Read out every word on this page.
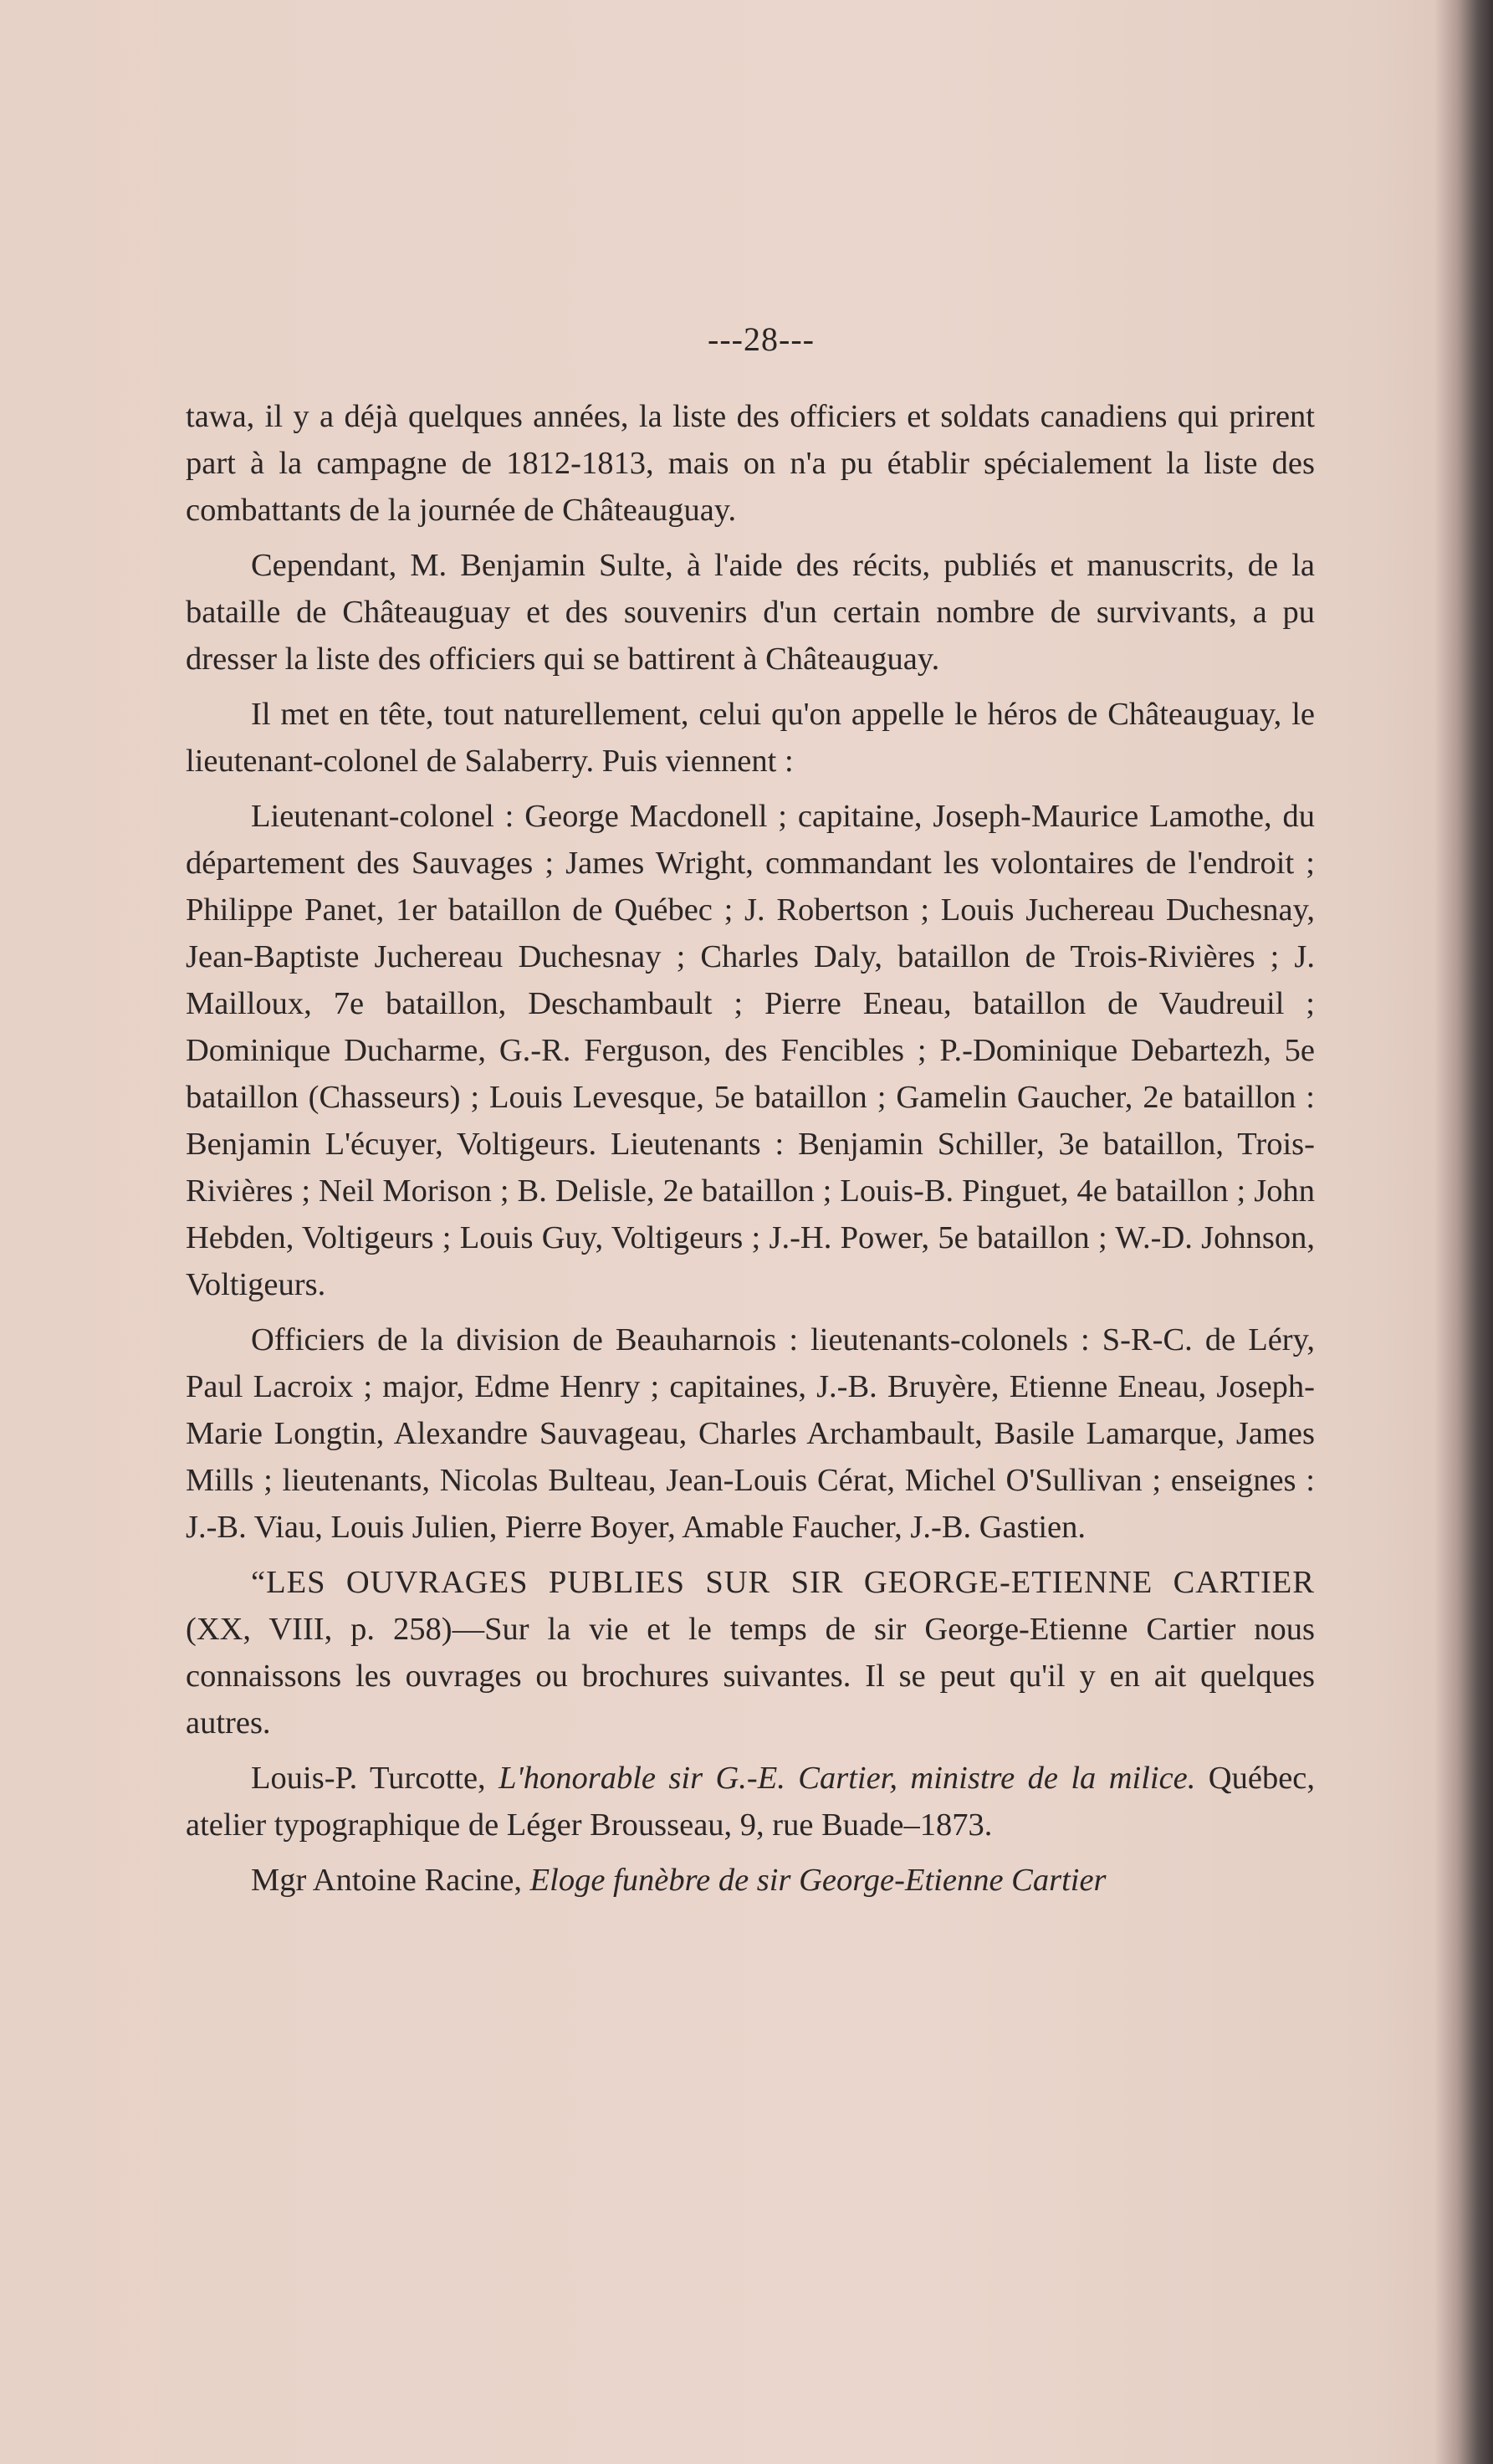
---28---

tawa, il y a déjà quelques années, la liste des officiers et soldats canadiens qui prirent part à la campagne de 1812-1813, mais on n'a pu établir spécialement la liste des combattants de la journée de Châteauguay.

Cependant, M. Benjamin Sulte, à l'aide des récits, publiés et manuscrits, de la bataille de Châteauguay et des souvenirs d'un certain nombre de survivants, a pu dresser la liste des officiers qui se battirent à Châteauguay.

Il met en tête, tout naturellement, celui qu'on appelle le héros de Châteauguay, le lieutenant-colonel de Salaberry. Puis viennent :

Lieutenant-colonel : George Macdonell ; capitaine, Joseph-Maurice Lamothe, du département des Sauvages ; James Wright, commandant les volontaires de l'endroit ; Philippe Panet, 1er bataillon de Québec ; J. Robertson ; Louis Juchereau Duchesnay, Jean-Baptiste Juchereau Duchesnay ; Charles Daly, bataillon de Trois-Rivières ; J. Mailloux, 7e bataillon, Deschambault ; Pierre Eneau, bataillon de Vaudreuil ; Dominique Ducharme, G.-R. Ferguson, des Fencibles ; P.-Dominique Debartezh, 5e bataillon (Chasseurs) ; Louis Levesque, 5e bataillon ; Gamelin Gaucher, 2e bataillon : Benjamin L'écuyer, Voltigeurs. Lieutenants : Benjamin Schiller, 3e bataillon, Trois-Rivières ; Neil Morison ; B. Delisle, 2e bataillon ; Louis-B. Pinguet, 4e bataillon ; John Hebden, Voltigeurs ; Louis Guy, Voltigeurs ; J.-H. Power, 5e bataillon ; W.-D. Johnson, Voltigeurs.

Officiers de la division de Beauharnois : lieutenants-colonels : S-R-C. de Léry, Paul Lacroix ; major, Edme Henry ; capitaines, J.-B. Bruyère, Etienne Eneau, Joseph-Marie Longtin, Alexandre Sauvageau, Charles Archambault, Basile Lamarque, James Mills ; lieutenants, Nicolas Bulteau, Jean-Louis Cérat, Michel O'Sullivan ; enseignes : J.-B. Viau, Louis Julien, Pierre Boyer, Amable Faucher, J.-B. Gastien.

“LES OUVRAGES PUBLIES SUR SIR GEORGE-ETIENNE CARTIER (XX, VIII, p. 258)—Sur la vie et le temps de sir George-Etienne Cartier nous connaissons les ouvrages ou brochures suivantes. Il se peut qu'il y en ait quelques autres.

Louis-P. Turcotte, L'honorable sir G.-E. Cartier, ministre de la milice. Québec, atelier typographique de Léger Brousseau, 9, rue Buade–1873.

Mgr Antoine Racine, Eloge funèbre de sir George-Etienne Cartier
